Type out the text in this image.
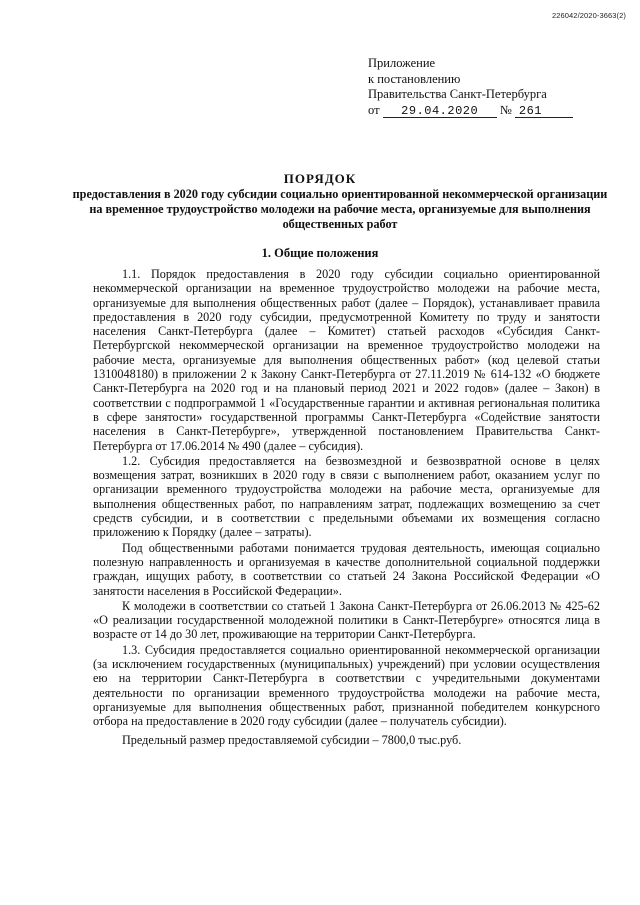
226042/2020-3663(2)
Приложение
к постановлению
Правительства Санкт-Петербурга
от 29.04.2020 № 261
ПОРЯДОК
предоставления в 2020 году субсидии социально ориентированной некоммерческой организации на временное трудоустройство молодежи на рабочие места, организуемые для выполнения общественных работ
1. Общие положения

1.1. Порядок предоставления в 2020 году субсидии социально ориентированной некоммерческой организации на временное трудоустройство молодежи на рабочие места, организуемые для выполнения общественных работ (далее – Порядок), устанавливает правила предоставления в 2020 году субсидии, предусмотренной Комитету по труду и занятости населения Санкт-Петербурга (далее – Комитет) статьей расходов «Субсидия Санкт-Петербургской некоммерческой организации на временное трудоустройство молодежи на рабочие места, организуемые для выполнения общественных работ» (код целевой статьи 1310048180) в приложении 2 к Закону Санкт-Петербурга от 27.11.2019 № 614-132 «О бюджете Санкт-Петербурга на 2020 год и на плановый период 2021 и 2022 годов» (далее – Закон) в соответствии с подпрограммой 1 «Государственные гарантии и активная региональная политика в сфере занятости» государственной программы Санкт-Петербурга «Содействие занятости населения в Санкт-Петербурге», утвержденной постановлением Правительства Санкт-Петербурга от 17.06.2014 № 490 (далее – субсидия).

1.2. Субсидия предоставляется на безвозмездной и безвозвратной основе в целях возмещения затрат, возникших в 2020 году в связи с выполнением работ, оказанием услуг по организации временного трудоустройства молодежи на рабочие места, организуемые для выполнения общественных работ, по направлениям затрат, подлежащих возмещению за счет средств субсидии, и в соответствии с предельными объемами их возмещения согласно приложению к Порядку (далее – затраты).

Под общественными работами понимается трудовая деятельность, имеющая социально полезную направленность и организуемая в качестве дополнительной социальной поддержки граждан, ищущих работу, в соответствии со статьей 24 Закона Российской Федерации «О занятости населения в Российской Федерации».

К молодежи в соответствии со статьей 1 Закона Санкт-Петербурга от 26.06.2013 № 425-62 «О реализации государственной молодежной политики в Санкт-Петербурге» относятся лица в возрасте от 14 до 30 лет, проживающие на территории Санкт-Петербурга.

1.3. Субсидия предоставляется социально ориентированной некоммерческой организации (за исключением государственных (муниципальных) учреждений) при условии осуществления ею на территории Санкт-Петербурга в соответствии с учредительными документами деятельности по организации временного трудоустройства молодежи на рабочие места, организуемые для выполнения общественных работ, признанной победителем конкурсного отбора на предоставление в 2020 году субсидии (далее – получатель субсидии).

Предельный размер предоставляемой субсидии – 7800,0 тыс.руб.
